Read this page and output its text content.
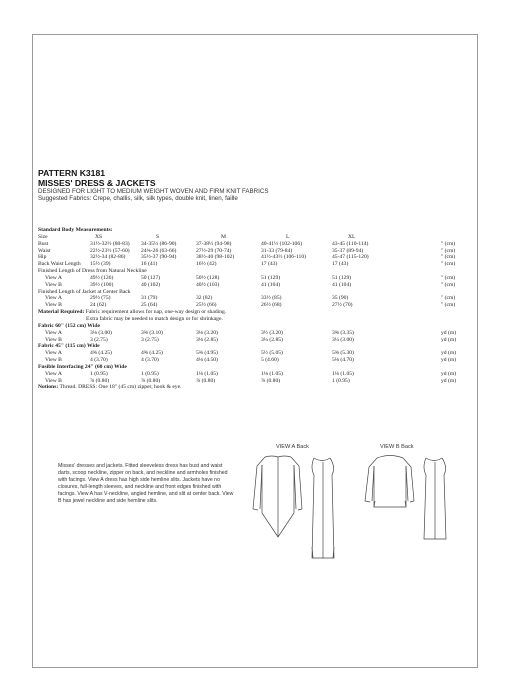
PATTERN K3181
MISSES' DRESS & JACKETS
DESIGNED FOR LIGHT TO MEDIUM WEIGHT WOVEN AND FIRM KNIT FABRICS
Suggested Fabrics: Crepe, challis, silk, silk types, double knit, linen, faille
Standard Body Measurements:
Size	XS	S	M	L	XL
Bust	31½-32½ (80-83) 34-35½ (86-90)	37-38½ (94-98)	40-41½ (102-106)	43-45 (110-114)	" (cm)
Waist	22½-23½ (57-60) 24¾-26 (63-66)	27½-29 (70-74)	31-33 (79-84)	35-37 (89-94)	" (cm)
Hip	32½-34 (82-86)	35½-37 (90-94)	38½-40 (98-102)	41½-43½ (106-110)	45-47 (115-120)	" (cm)
Back Waist Length 15½ (39)	16 (41)	16½ (42)	17 (43)	17 (43)	" (cm)
Finished Length of Dress from Natural Neckline
View A	49½ (126)	50 (127)	50½ (128)	51 (129)	51 (129)	" (cm)
View B	39½ (100)	40 (102)	40½ (103)	41 (104)	41 (104)	" (cm)
Finished Length of Jacket at Center Back
View A	29½ (75)	31 (79)	32 (82)	33½ (85)	35 (90)	" (cm)
View B	24 (62)	25 (64)	25½ (66)	26½ (68)	27½ (70)	" (cm)
Material Required: Fabric requirement allows for nap, one-way design or shading.
Extra fabric may be needed to match design or for shrinkage.
Fabric 60" (152 cm) Wide
View A	3⅛ (3.00)	3⅜ (3.10)	3⅛ (3.20)	3½ (3.20)	3⅝ (3.35)	yd (m)
View B	3 (2.75)	3 (2.75)	3⅛ (2.85)	3¼ (2.85)	3¼ (3.00)	yd (m)
Fabric 45" (115 cm) Wide
View A	4⅝ (4.25)	4⅝ (4.25)	5⅜ (4.95)	5½ (5.05)	5⅝ (5.30)	yd (m)
View B	4 (3.70)	4 (3.70)	4⅛ (4.50)	5 (4.60)	5⅛ (4.70)	yd (m)
Fusible Interfacing 24" (60 cm) Wide
View A	1 (0.95)	1 (0.95)	1⅛ (1.05)	1⅛ (1.05)	1⅛ (1.05)	yd (m)
View B	⅞ (0.80)	⅞ (0.80)	⅞ (0.80)	⅞ (0.80)	1 (0.95)	yd (m)
Notions: Thread. DRESS: One 18" (45 cm) zipper, hook & eye.
Misses' dresses and jackets. Fitted sleeveless dress has bust and waist darts, scoop neckline, zipper on back, and neckline and armholes finished with facings. View A dress has high side hemline slits. Jackets have no closures, full-length sleeves, and neckline and front edges finished with facings. View A has V-neckline, angled hemline, and slit at center back. View B has jewel neckline and side hemline slits.
VIEW A Back	VIEW B Back
